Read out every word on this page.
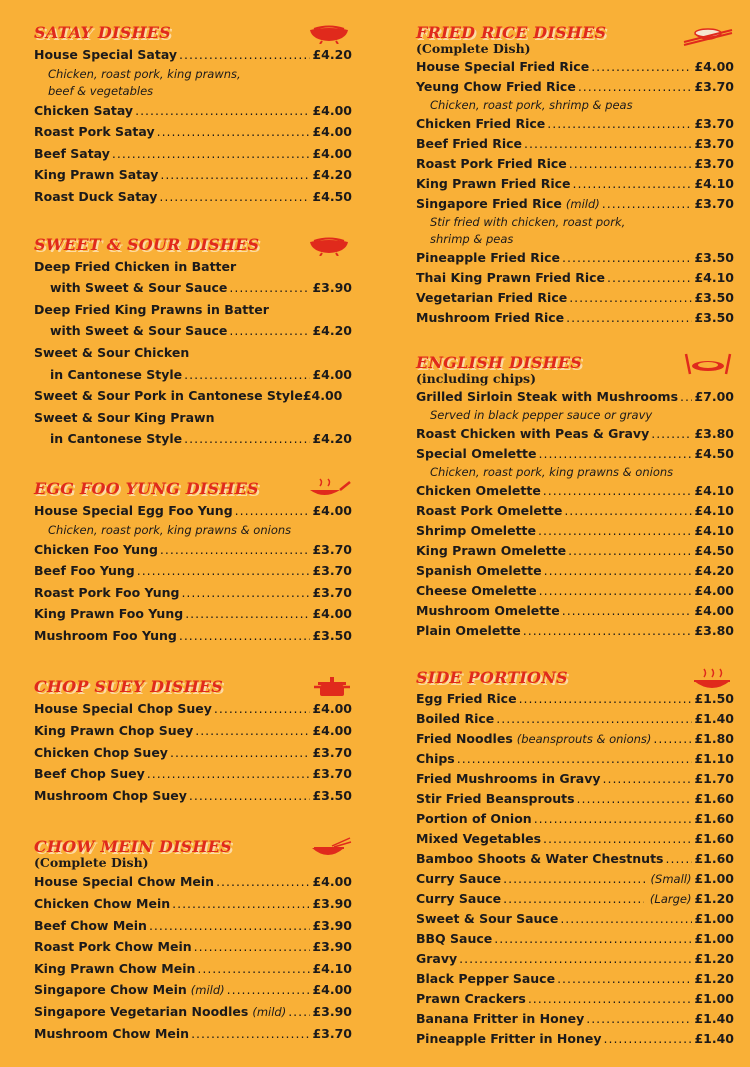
SATAY DISHES
House Special Satay .....	£4.20
Chicken, roast pork, king prawns,
beef & vegetables
Chicken Satay .....	£4.00
Roast Pork Satay .....	£4.00
Beef Satay .....	£4.00
King Prawn Satay .....	£4.20
Roast Duck Satay .....	£4.50
SWEET & SOUR DISHES
Deep Fried Chicken in Batter
with Sweet & Sour Sauce .....	£3.90
Deep Fried King Prawns in Batter
with Sweet & Sour Sauce .....	£4.20
Sweet & Sour Chicken
in Cantonese Style .....	£4.00
Sweet & Sour Pork in Cantonese Style £4.00
Sweet & Sour King Prawn
in Cantonese Style .....	£4.20
EGG FOO YUNG DISHES
House Special Egg Foo Yung .....	£4.00
Chicken, roast pork, king prawns & onions
Chicken Foo Yung .....	£3.70
Beef Foo Yung .....	£3.70
Roast Pork Foo Yung .....	£3.70
King Prawn Foo Yung .....	£4.00
Mushroom Foo Yung .....	£3.50
CHOP SUEY DISHES
House Special Chop Suey .....	£4.00
King Prawn Chop Suey .....	£4.00
Chicken Chop Suey .....	£3.70
Beef Chop Suey .....	£3.70
Mushroom Chop Suey .....	£3.50
CHOW MEIN DISHES
(Complete Dish)
House Special Chow Mein .....	£4.00
Chicken Chow Mein .....	£3.90
Beef Chow Mein .....	£3.90
Roast Pork Chow Mein .....	£3.90
King Prawn Chow Mein .....	£4.10
Singapore Chow Mein (mild) .....	£4.00
Singapore Vegetarian Noodles (mild) ..... £3.90
Mushroom Chow Mein .....	£3.70
FRIED RICE DISHES
(Complete Dish)
House Special Fried Rice .....	£4.00
Yeung Chow Fried Rice .....	£3.70
Chicken, roast pork, shrimp & peas
Chicken Fried Rice .....	£3.70
Beef Fried Rice .....	£3.70
Roast Pork Fried Rice .....	£3.70
King Prawn Fried Rice .....	£4.10
Singapore Fried Rice (mild) .....	£3.70
Stir fried with chicken, roast pork,
shrimp & peas
Pineapple Fried Rice .....	£3.50
Thai King Prawn Fried Rice .....	£4.10
Vegetarian Fried Rice .....	£3.50
Mushroom Fried Rice .....	£3.50
ENGLISH DISHES
(including chips)
Grilled Sirloin Steak with Mushrooms ..... £7.00
Served in black pepper sauce or gravy
Roast Chicken with Peas & Gravy .....	£3.80
Special Omelette .....	£4.50
Chicken, roast pork, king prawns & onions
Chicken Omelette .....	£4.10
Roast Pork Omelette .....	£4.10
Shrimp Omelette .....	£4.10
King Prawn Omelette .....	£4.50
Spanish Omelette .....	£4.20
Cheese Omelette .....	£4.00
Mushroom Omelette .....	£4.00
Plain Omelette .....	£3.80
SIDE PORTIONS
Egg Fried Rice .....	£1.50
Boiled Rice .....	£1.40
Fried Noodles (beansprouts & onions) .....	£1.80
Chips .....	£1.10
Fried Mushrooms in Gravy .....	£1.70
Stir Fried Beansprouts .....	£1.60
Portion of Onion .....	£1.60
Mixed Vegetables .....	£1.60
Bamboo Shoots & Water Chestnuts ..... £1.60
Curry Sauce .....	(Small) £1.00
Curry Sauce .....	(Large) £1.20
Sweet & Sour Sauce .....	£1.00
BBQ Sauce .....	£1.00
Gravy .....	£1.20
Black Pepper Sauce .....	£1.20
Prawn Crackers .....	£1.00
Banana Fritter in Honey .....	£1.40
Pineapple Fritter in Honey .....	£1.40
